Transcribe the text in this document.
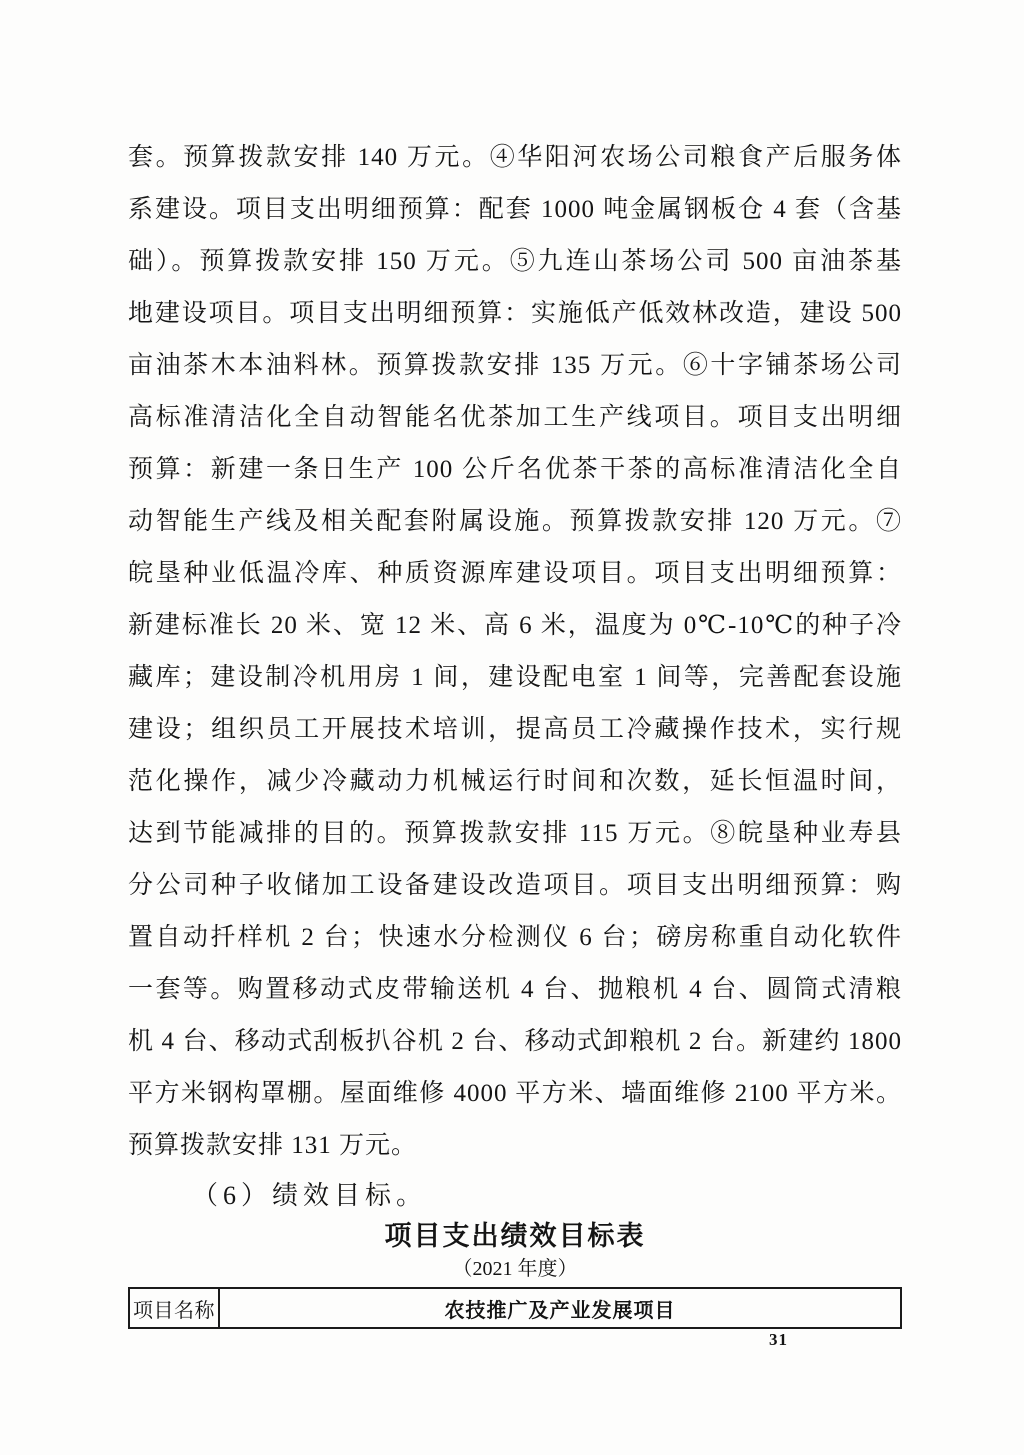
套。预算拨款安排 140 万元。④华阳河农场公司粮食产后服务体
系建设。项目支出明细预算：配套 1000 吨金属钢板仓 4 套（含基
础）。预算拨款安排 150 万元。⑤九连山茶场公司 500 亩油茶基
地建设项目。项目支出明细预算：实施低产低效林改造，建设 500
亩油茶木本油料林。预算拨款安排 135 万元。⑥十字铺茶场公司
高标准清洁化全自动智能名优茶加工生产线项目。项目支出明细
预算：新建一条日生产 100 公斤名优茶干茶的高标准清洁化全自
动智能生产线及相关配套附属设施。预算拨款安排 120 万元。⑦
皖垦种业低温冷库、种质资源库建设项目。项目支出明细预算：
新建标准长 20 米、宽 12 米、高 6 米，温度为 0℃-10℃的种子冷
藏库；建设制冷机用房 1 间，建设配电室 1 间等，完善配套设施
建设；组织员工开展技术培训，提高员工冷藏操作技术，实行规
范化操作，减少冷藏动力机械运行时间和次数，延长恒温时间，
达到节能减排的目的。预算拨款安排 115 万元。⑧皖垦种业寿县
分公司种子收储加工设备建设改造项目。项目支出明细预算：购
置自动扦样机 2 台；快速水分检测仪 6 台；磅房称重自动化软件
一套等。购置移动式皮带输送机 4 台、抛粮机 4 台、圆筒式清粮
机 4 台、移动式刮板扒谷机 2 台、移动式卸粮机 2 台。新建约 1800
平方米钢构罩棚。屋面维修 4000 平方米、墙面维修 2100 平方米。
预算拨款安排 131 万元。
（6）绩效目标。
项目支出绩效目标表
（2021 年度）
项目名称	农技推广及产业发展项目
31
